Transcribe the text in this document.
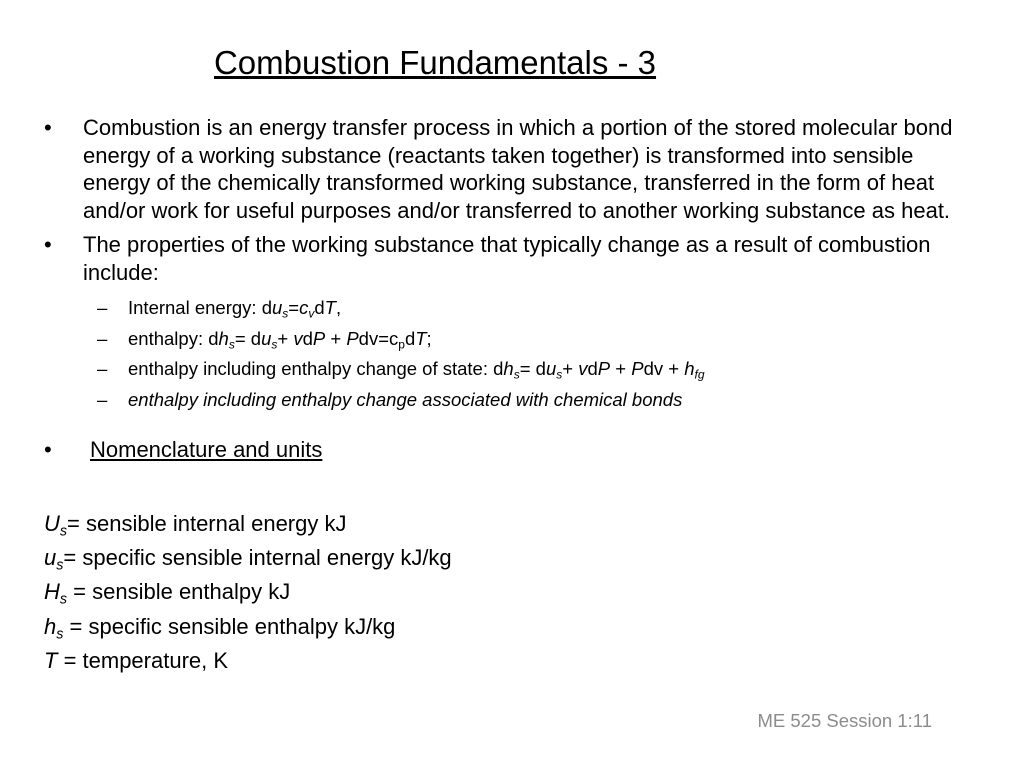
Combustion Fundamentals - 3
• Combustion is an energy transfer process in which a portion of the stored molecular bond energy of a working substance (reactants taken together) is transformed into sensible energy of the chemically transformed working substance, transferred in the form of heat and/or work for useful purposes and/or transferred to another working substance as heat.
• The properties of the working substance that typically change as a result of combustion include:
– Internal energy: $du_s=c_vdT$,
– enthalpy: $dh_s= du_s+$ vdP + $Pdv=c_pdT$;
– enthalpy including enthalpy change of state: $dh_s= du_s+$ vdP + Pdv + $h_{fg}$
– enthalpy including enthalpy change associated with chemical bonds
• Nomenclature and units
$U_s=$ sensible internal energy kJ
$u_s=$ specific sensible internal energy kJ/kg
$H_s$ = sensible enthalpy kJ
$h_s$ = specific sensible enthalpy kJ/kg
T = temperature, K
ME 525 Session 1:11
